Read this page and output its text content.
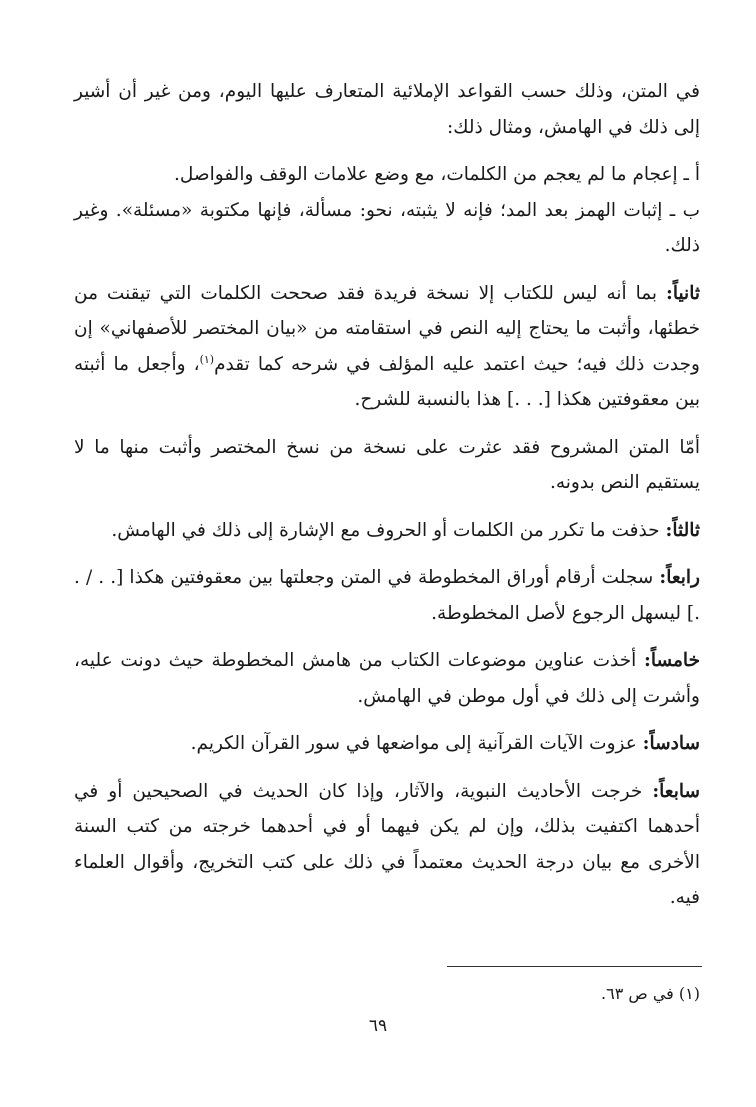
في المتن، وذلك حسب القواعد الإملائية المتعارف عليها اليوم، ومن غير أن أشير إلى ذلك في الهامش، ومثال ذلك:

أ ـ إعجام ما لم يعجم من الكلمات، مع وضع علامات الوقف والفواصل.

ب ـ إثبات الهمز بعد المد؛ فإنه لا يثبته، نحو: مسألة، فإنها مكتوبة «مسئلة». وغير ذلك.

ثانياً: بما أنه ليس للكتاب إلا نسخة فريدة فقد صححت الكلمات التي تيقنت من خطئها، وأثبت ما يحتاج إليه النص في استقامته من «بيان المختصر للأصفهاني» إن وجدت ذلك فيه؛ حيث اعتمد عليه المؤلف في شرحه كما تقدم$^{(١)}$، وأجعل ما أثبته بين معقوفتين هكذا [. . .] هذا بالنسبة للشرح.

أمّا المتن المشروح فقد عثرت على نسخة من نسخ المختصر وأثبت منها ما لا يستقيم النص بدونه.

ثالثاً: حذفت ما تكرر من الكلمات أو الحروف مع الإشارة إلى ذلك في الهامش.

رابعاً: سجلت أرقام أوراق المخطوطة في المتن وجعلتها بين معقوفتين هكذا [. . / . .] ليسهل الرجوع لأصل المخطوطة.

خامساً: أخذت عناوين موضوعات الكتاب من هامش المخطوطة حيث دونت عليه، وأشرت إلى ذلك في أول موطن في الهامش.

سادساً: عزوت الآيات القرآنية إلى مواضعها في سور القرآن الكريم.

سابعاً: خرجت الأحاديث النبوية، والآثار، وإذا كان الحديث في الصحيحين أو في أحدهما اكتفيت بذلك، وإن لم يكن فيهما أو في أحدهما خرجته من كتب السنة الأخرى مع بيان درجة الحديث معتمداً في ذلك على كتب التخريج، وأقوال العلماء فيه.

(١) في ص ٦٣.
٦٩
